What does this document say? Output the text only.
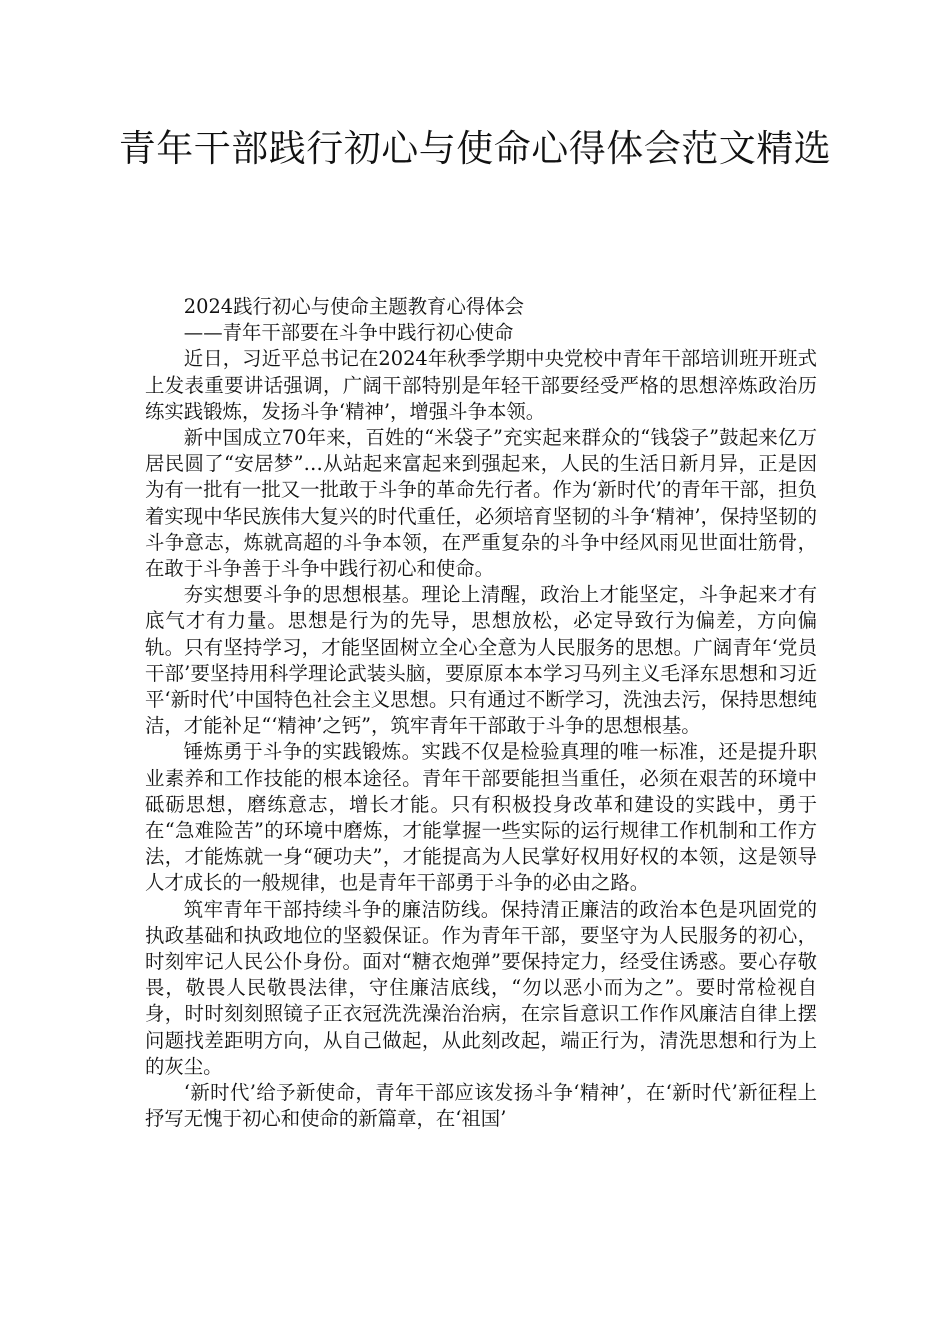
青年干部践行初心与使命心得体会范文精选

2024践行初心与使命主题教育心得体会

——青年干部要在斗争中践行初心使命

近日，习近平总书记在2024年秋季学期中央党校中青年干部培训班开班式上发表重要讲话强调，广阔干部特别是年轻干部要经受严格的思想淬炼政治历练实践锻炼，发扬斗争‘精神’，增强斗争本领。

新中国成立70年来，百姓的“米袋子”充实起来群众的“钱袋子”鼓起来亿万居民圆了“安居梦”…从站起来富起来到强起来，人民的生活日新月异，正是因为有一批有一批又一批敢于斗争的革命先行者。作为‘新时代’的青年干部，担负着实现中华民族伟大复兴的时代重任，必须培育坚韧的斗争‘精神’，保持坚韧的斗争意志，炼就高超的斗争本领，在严重复杂的斗争中经风雨见世面壮筋骨，在敢于斗争善于斗争中践行初心和使命。

夯实想要斗争的思想根基。理论上清醒，政治上才能坚定，斗争起来才有底气才有力量。思想是行为的先导，思想放松，必定导致行为偏差，方向偏轨。只有坚持学习，才能坚固树立全心全意为人民服务的思想。广阔青年‘党员干部’要坚持用科学理论武装头脑，要原原本本学习马列主义毛泽东思想和习近平‘新时代’中国特色社会主义思想。只有通过不断学习，洗浊去污，保持思想纯洁，才能补足“‘精神’之钙”，筑牢青年干部敢于斗争的思想根基。

锤炼勇于斗争的实践锻炼。实践不仅是检验真理的唯一标准，还是提升职业素养和工作技能的根本途径。青年干部要能担当重任，必须在艰苦的环境中砥砺思想，磨练意志，增长才能。只有积极投身改革和建设的实践中，勇于在“急难险苦”的环境中磨炼，才能掌握一些实际的运行规律工作机制和工作方法，才能炼就一身“硬功夫”，才能提高为人民掌好权用好权的本领，这是领导人才成长的一般规律，也是青年干部勇于斗争的必由之路。

筑牢青年干部持续斗争的廉洁防线。保持清正廉洁的政治本色是巩固党的执政基础和执政地位的坚毅保证。作为青年干部，要坚守为人民服务的初心，时刻牢记人民公仆身份。面对“糖衣炮弹”要保持定力，经受住诱惑。要心存敬畏，敬畏人民敬畏法律，守住廉洁底线，“勿以恶小而为之”。要时常检视自身，时时刻刻照镜子正衣冠洗洗澡治治病，在宗旨意识工作作风廉洁自律上摆问题找差距明方向，从自己做起，从此刻改起，端正行为，清洗思想和行为上的灰尘。

‘新时代’给予新使命，青年干部应该发扬斗争‘精神’，在‘新时代’新征程上抒写无愧于初心和使命的新篇章，在‘祖国’
